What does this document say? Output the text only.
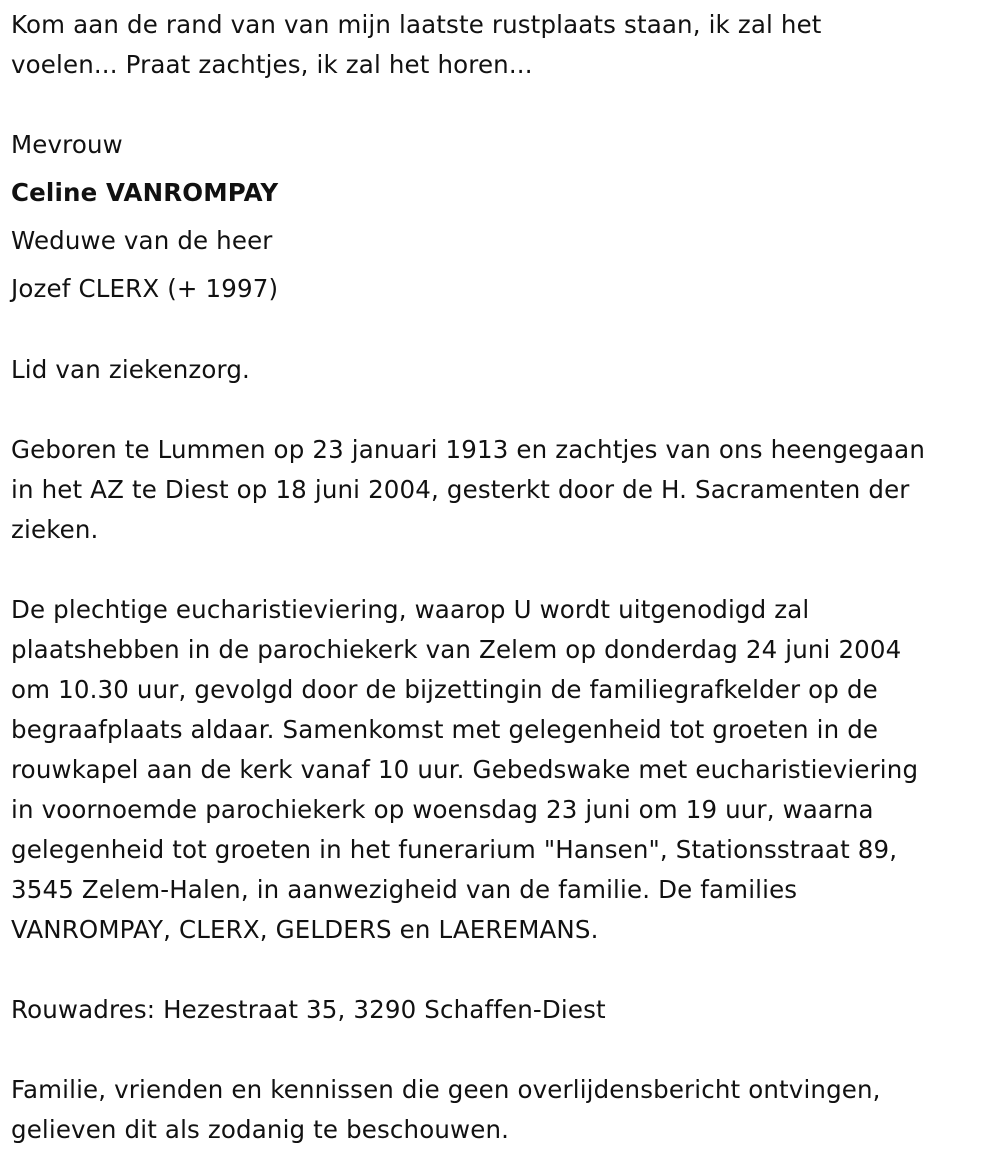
Kom aan de rand van van mijn laatste rustplaats staan, ik zal het
voelen... Praat zachtjes, ik zal het horen...
Mevrouw
Celine VANROMPAY
Weduwe van de heer
Jozef CLERX (+ 1997)
Lid van ziekenzorg.
Geboren te Lummen op 23 januari 1913 en zachtjes van ons heengegaan
in het AZ te Diest op 18 juni 2004, gesterkt door de H. Sacramenten der
zieken.
De plechtige eucharistieviering, waarop U wordt uitgenodigd zal
plaatshebben in de parochiekerk van Zelem op donderdag 24 juni 2004
om 10.30 uur, gevolgd door de bijzettingin de familiegrafkelder op de
begraafplaats aldaar. Samenkomst met gelegenheid tot groeten in de
rouwkapel aan de kerk vanaf 10 uur. Gebedswake met eucharistieviering
in voornoemde parochiekerk op woensdag 23 juni om 19 uur, waarna
gelegenheid tot groeten in het funerarium "Hansen", Stationsstraat 89,
3545 Zelem-Halen, in aanwezigheid van de familie. De families
VANROMPAY, CLERX, GELDERS en LAEREMANS.
Rouwadres: Hezestraat 35, 3290 Schaffen-Diest
Familie, vrienden en kennissen die geen overlijdensbericht ontvingen,
gelieven dit als zodanig te beschouwen.
